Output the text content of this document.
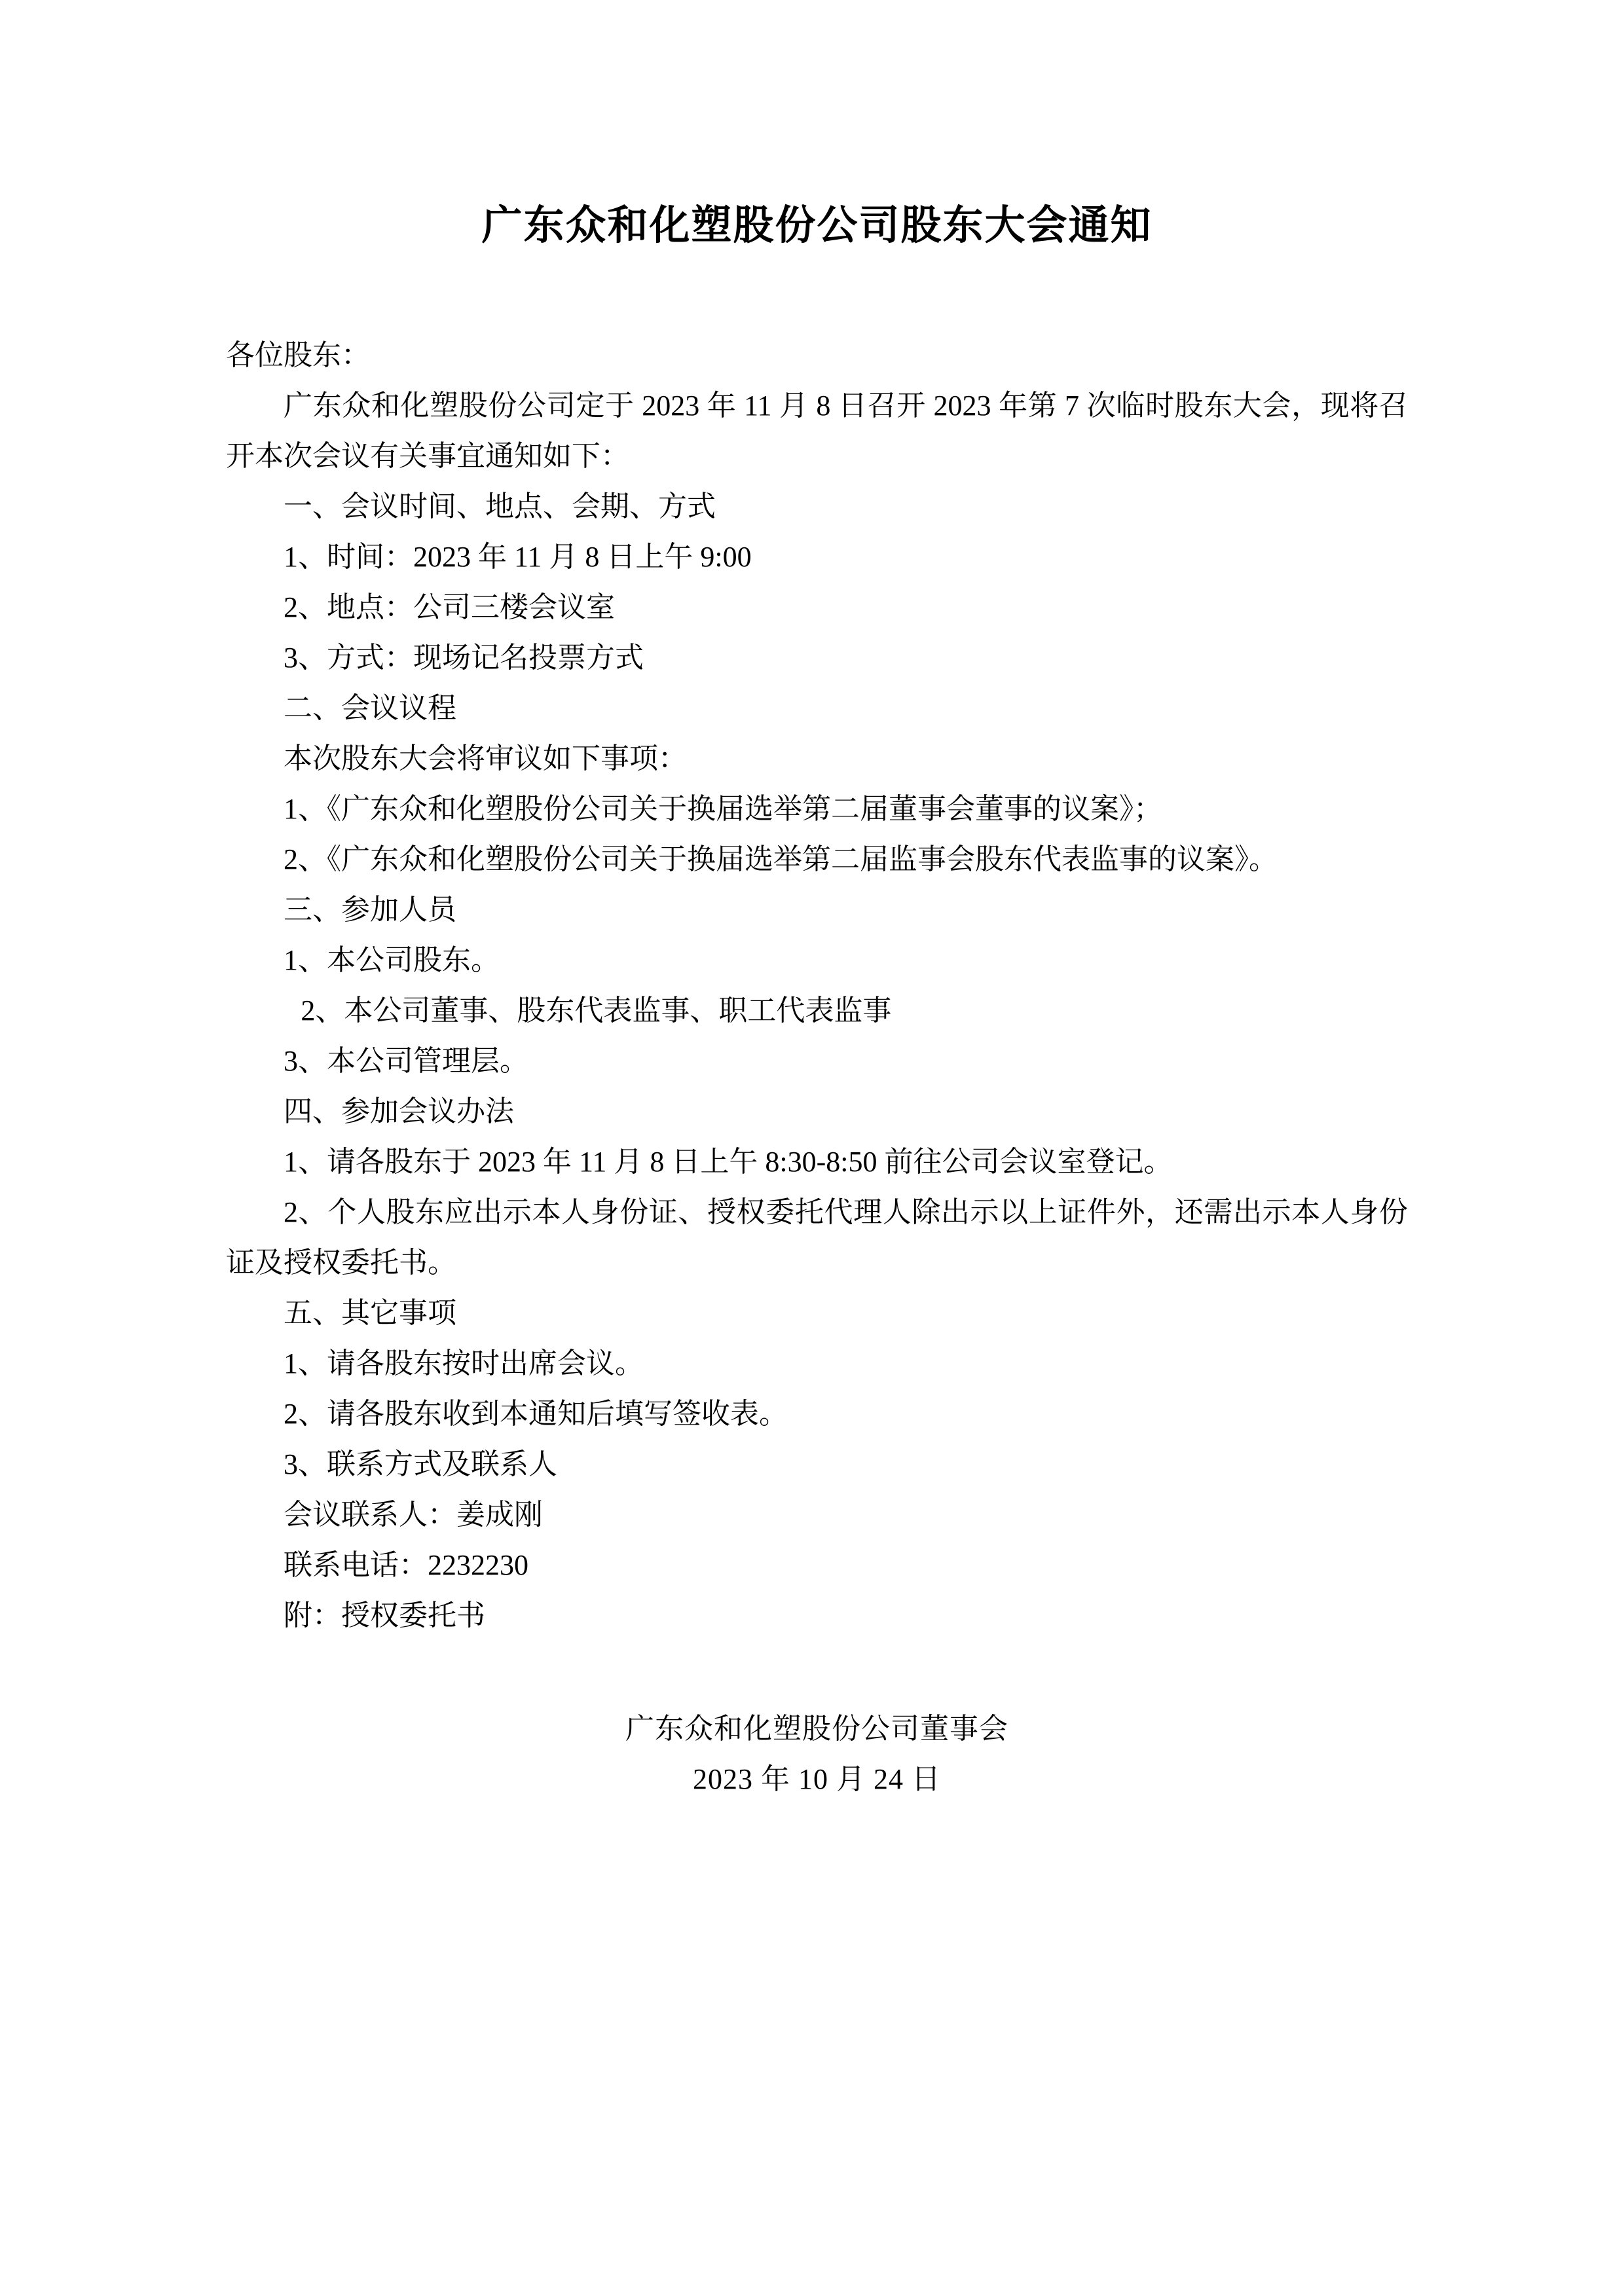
广东众和化塑股份公司股东大会通知

各位股东：

广东众和化塑股份公司定于 2023 年 11 月 8 日召开 2023 年第 7 次临时股东大会，现将召开本次会议有关事宜通知如下：

一、会议时间、地点、会期、方式

1、时间：2023 年 11 月 8 日上午 9:00

2、地点：公司三楼会议室

3、方式：现场记名投票方式

二、会议议程

本次股东大会将审议如下事项：

1、《广东众和化塑股份公司关于换届选举第二届董事会董事的议案》；

2、《广东众和化塑股份公司关于换届选举第二届监事会股东代表监事的议案》。

三、参加人员

1、本公司股东。

2、本公司董事、股东代表监事、职工代表监事

3、本公司管理层。

四、参加会议办法

1、请各股东于 2023 年 11 月 8 日上午 8:30-8:50 前往公司会议室登记。

2、个人股东应出示本人身份证、授权委托代理人除出示以上证件外，还需出示本人身份证及授权委托书。

五、其它事项

1、请各股东按时出席会议。

2、请各股东收到本通知后填写签收表。

3、联系方式及联系人

会议联系人：姜成刚

联系电话：2232230

附：授权委托书

广东众和化塑股份公司董事会

2023 年 10 月 24 日
